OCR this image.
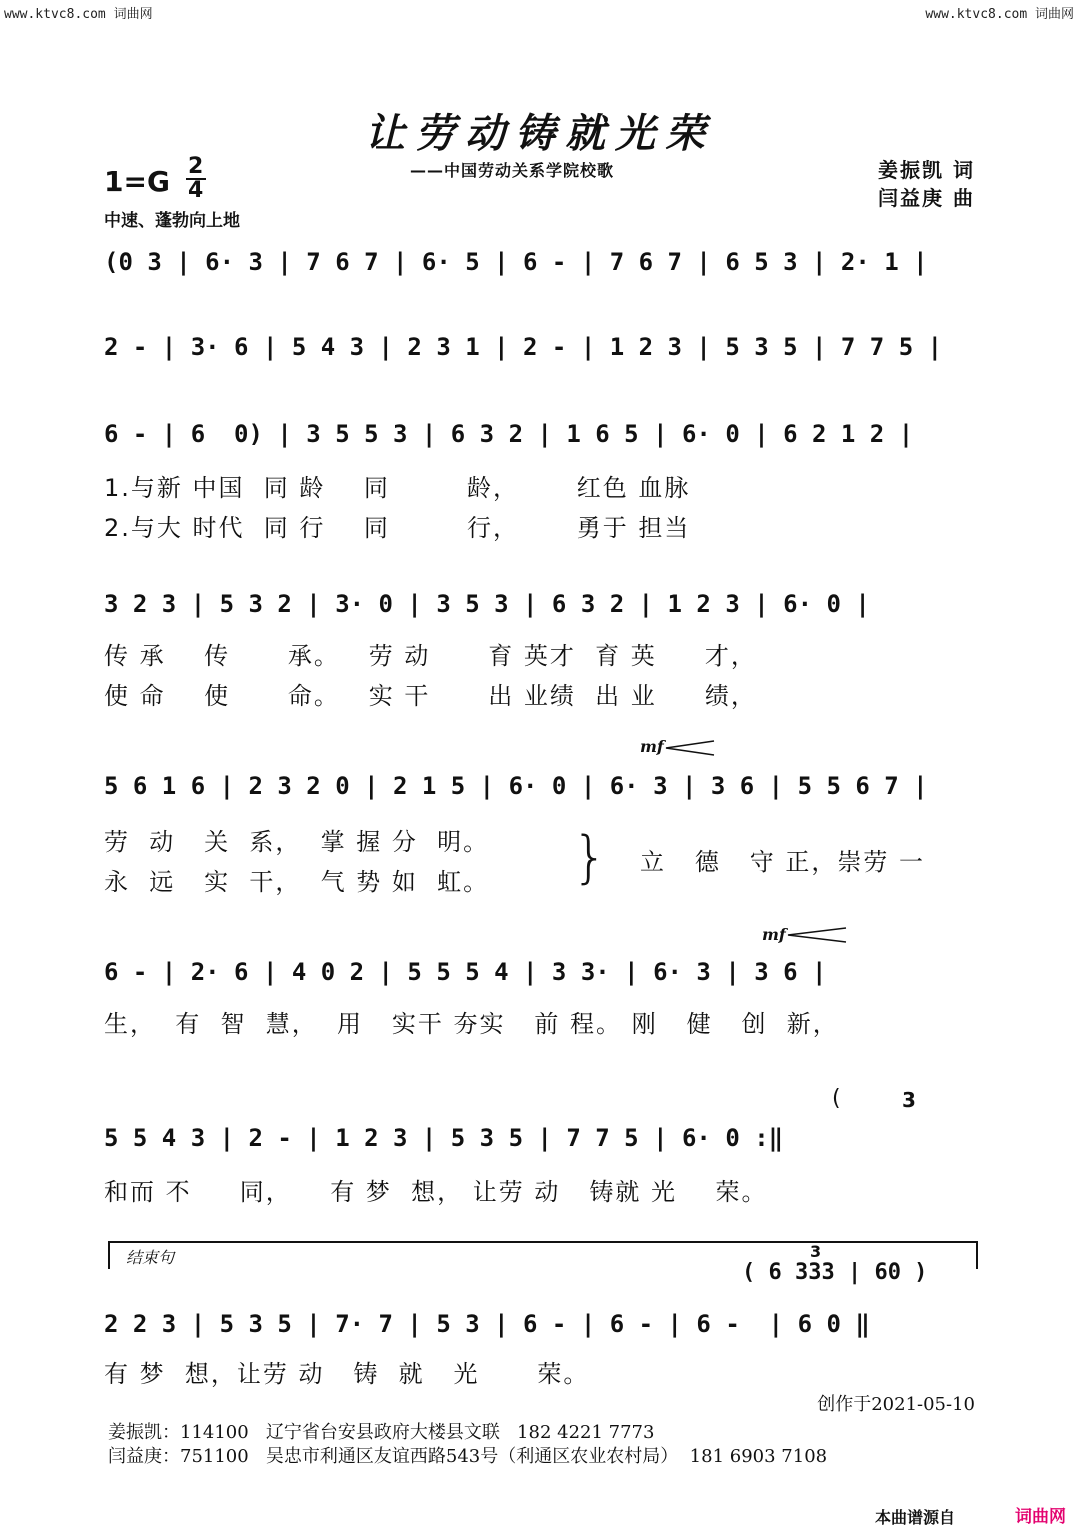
www.ktvc8.com 词曲网	www.ktvc8.com 词曲网
让劳动铸就光荣
——中国劳动关系学院校歌
$1=G \frac{2}{4}$
中速、蓬勃向上地
姜振凯 词
闫益庚 曲
(0 3 | 6· 3 | 7 6 7 | 6· 5 | 6 - | 7 6 7 | 6 5 3 | 2· 1 |
2 - | 3· 6 | 5 4 3 | 2 3 1 | 2 - | 1 2 3 | 5 3 5 | 7 7 5 |
6 - | 6  0) | 3 5 5 3 | 6 3 2 | 1 6 5 | 6· 0 | 6 2 1 2 |
1.与新 中国  同 龄    同        龄，      红色 血脉
2.与大 时代  同 行    同        行，      勇于 担当
3 2 3 | 5 3 2 | 3· 0 | 3 5 3 | 6 3 2 | 1 2 3 | 6· 0 |
传 承    传      承。   劳 动      育 英才  育 英     才，
使 命    使      命。   实 干      出 业绩  出 业     绩，
mf
5 6 1 6 | 2 3 2 0 | 2 1 5 | 6· 0 | 6· 3 | 3 6 | 5 5 6 7 |
劳  动   关  系，  掌 握 分  明。
永  远   实  干，  气 势 如  虹。	} 立   德   守 正，崇劳 一
mf
6 - | 2· 6 | 4 0 2 | 5 5 5 4 | 3 3· | 6· 3 | 3 6 |
生，  有  智  慧，  用   实干 夯实   前 程。 刚   健   创  新，
(	3
5 5 4 3 | 2 - | 1 2 3 | 5 3 5 | 7 7 5 | 6· 0 :‖
和而 不     同，    有 梦  想， 让劳 动   铸就 光    荣。
结束句	3
( 6 333 | 60 )
2 2 3 | 5 3 5 | 7· 7 | 5 3 | 6 - | 6 - | 6 -  | 6 0 ‖
有 梦  想，让劳 动   铸  就   光      荣。
创作于2021-05-10
姜振凯：114100   辽宁省台安县政府大楼县文联   182 4221 7773
闫益庚：751100   吴忠市利通区友谊西路543号（利通区农业农村局）  181 6903 7108
本曲谱源自	词曲网
